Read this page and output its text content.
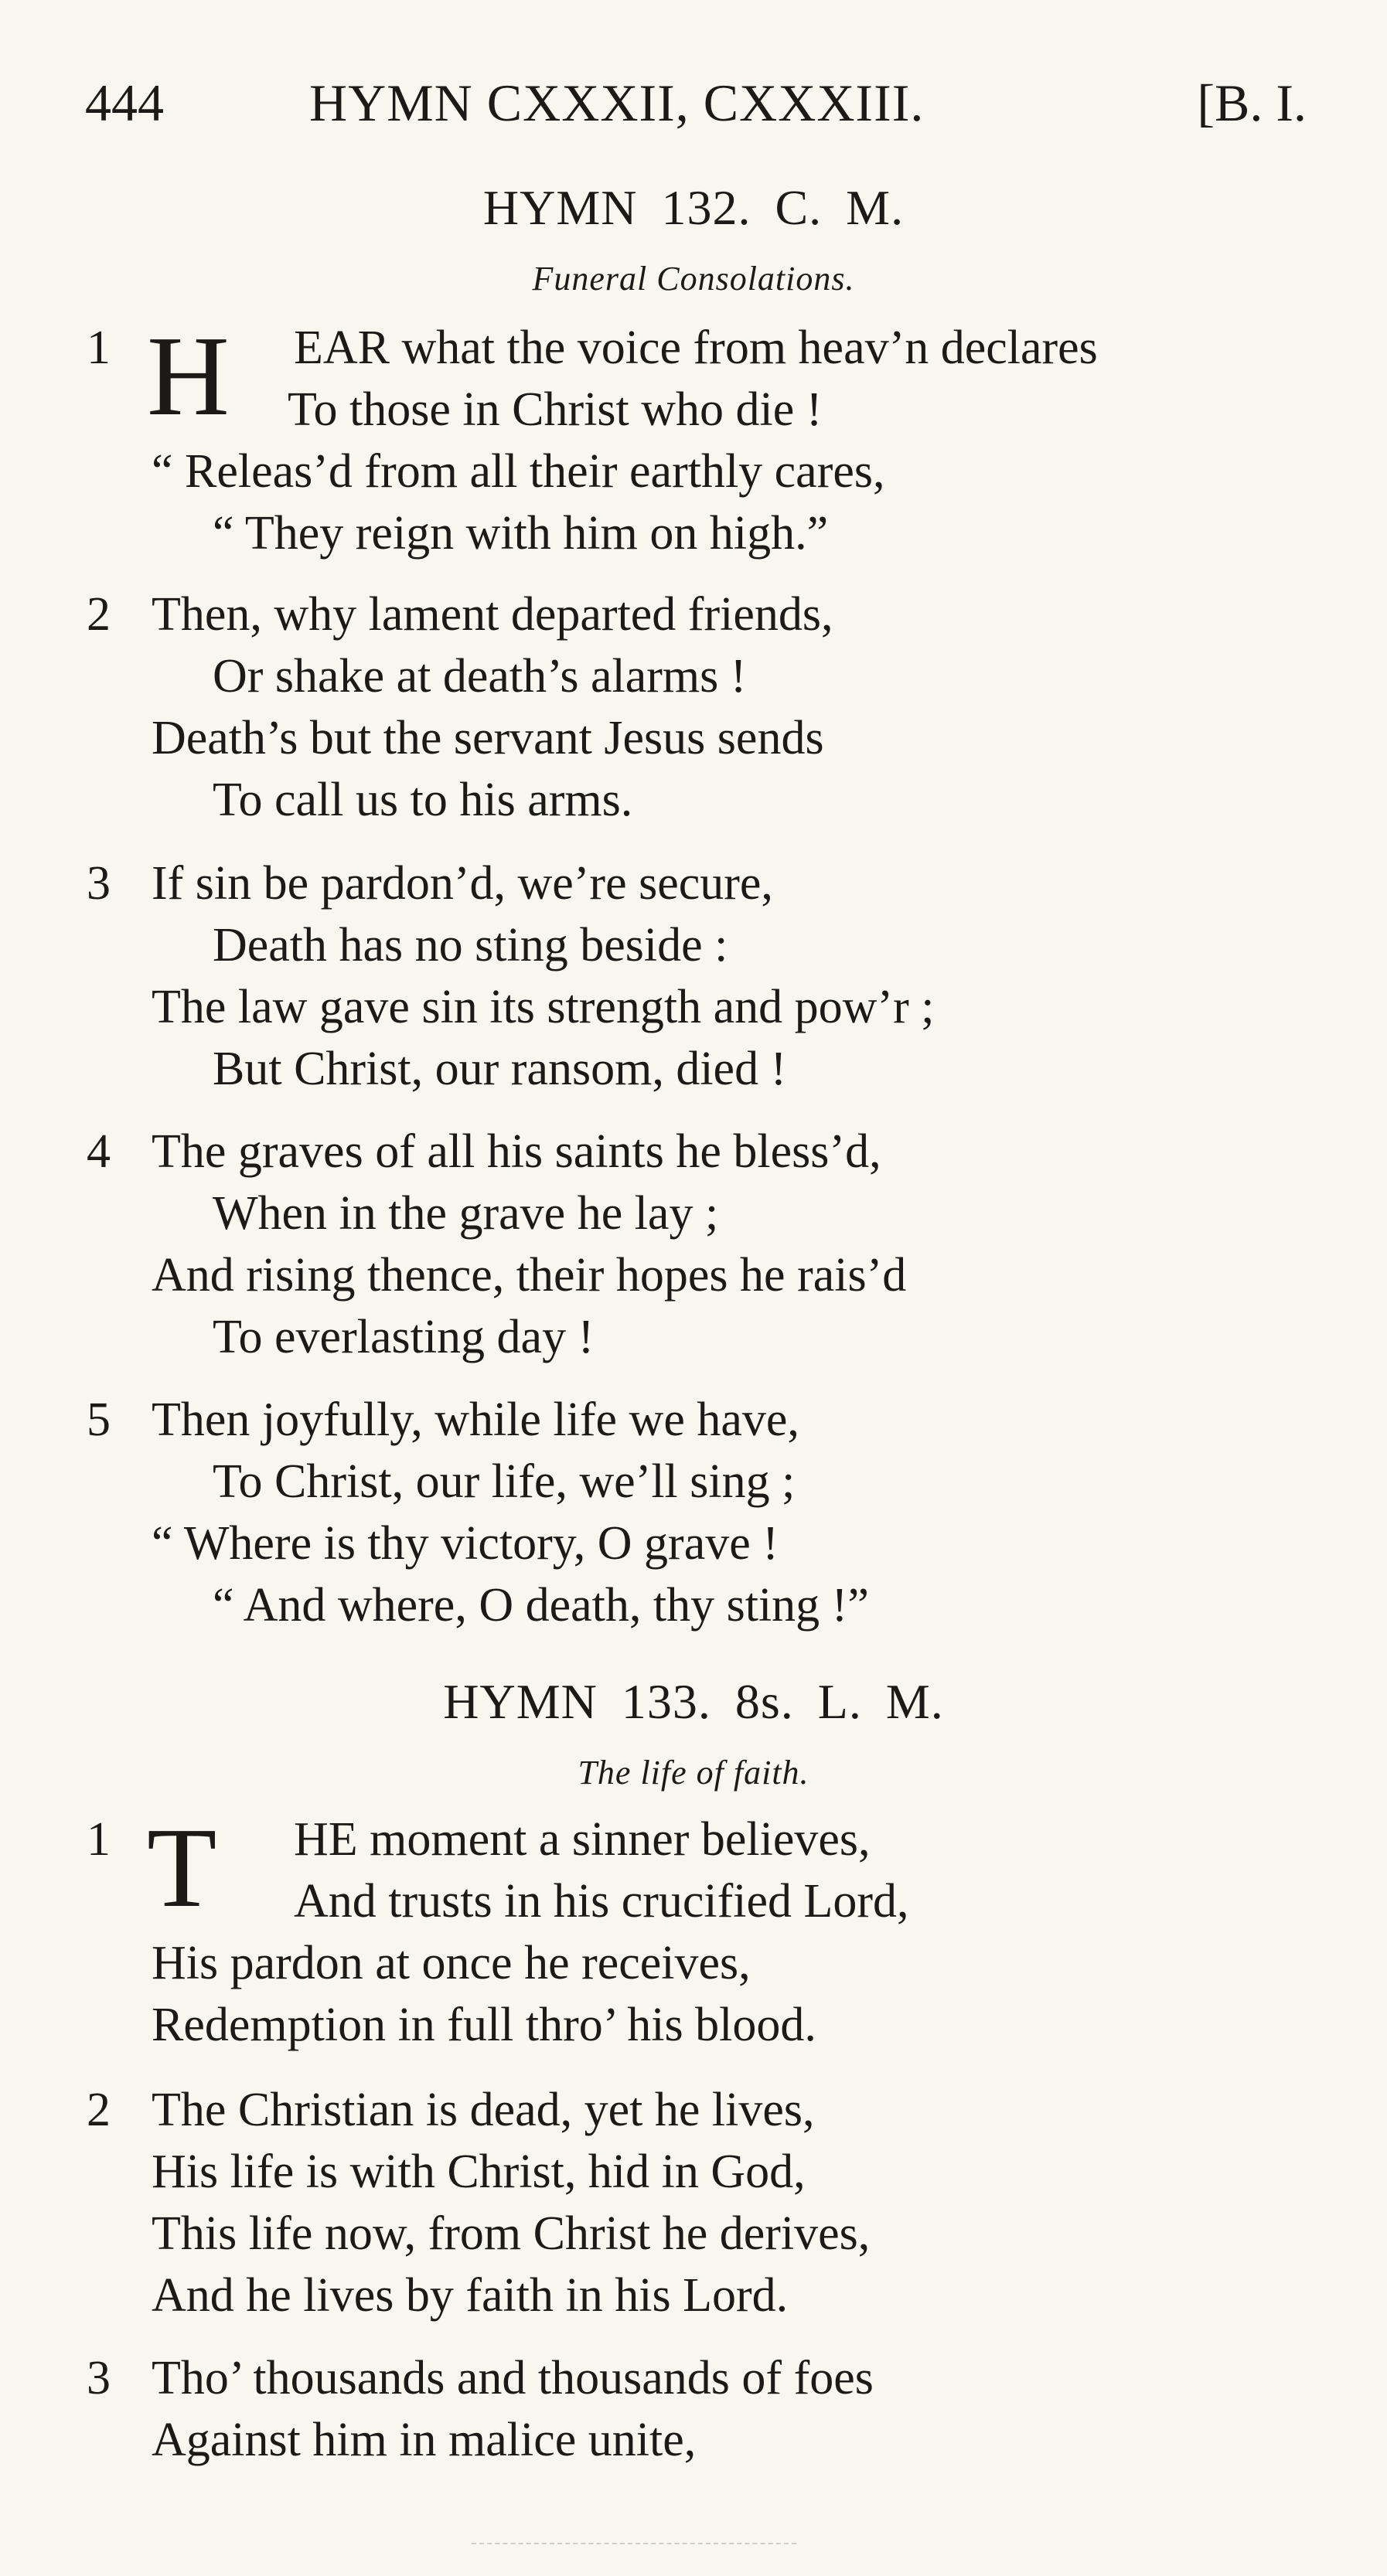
444	HYMN CXXXII, CXXXIII.	[B. I.
HYMN 132. C. M.
Funeral Consolations.
1 H EAR what the voice from heav’n declares
To those in Christ who die !
“ Releas’d from all their earthly cares,
“ They reign with him on high.”
2 Then, why lament departed friends,
Or shake at death’s alarms !
Death’s but the servant Jesus sends
To call us to his arms.
3 If sin be pardon’d, we’re secure,
Death has no sting beside :
The law gave sin its strength and pow’r ;
But Christ, our ransom, died !
4 The graves of all his saints he bless’d,
When in the grave he lay ;
And rising thence, their hopes he rais’d
To everlasting day !
5 Then joyfully, while life we have,
To Christ, our life, we’ll sing ;
“ Where is thy victory, O grave !
“ And where, O death, thy sting !”
HYMN 133. 8s. L. M.
The life of faith.
1 T HE moment a sinner believes,
And trusts in his crucified Lord,
His pardon at once he receives,
Redemption in full thro’ his blood.
2 The Christian is dead, yet he lives,
His life is with Christ, hid in God,
This life now, from Christ he derives,
And he lives by faith in his Lord.
3 Tho’ thousands and thousands of foes
Against him in malice unite,
